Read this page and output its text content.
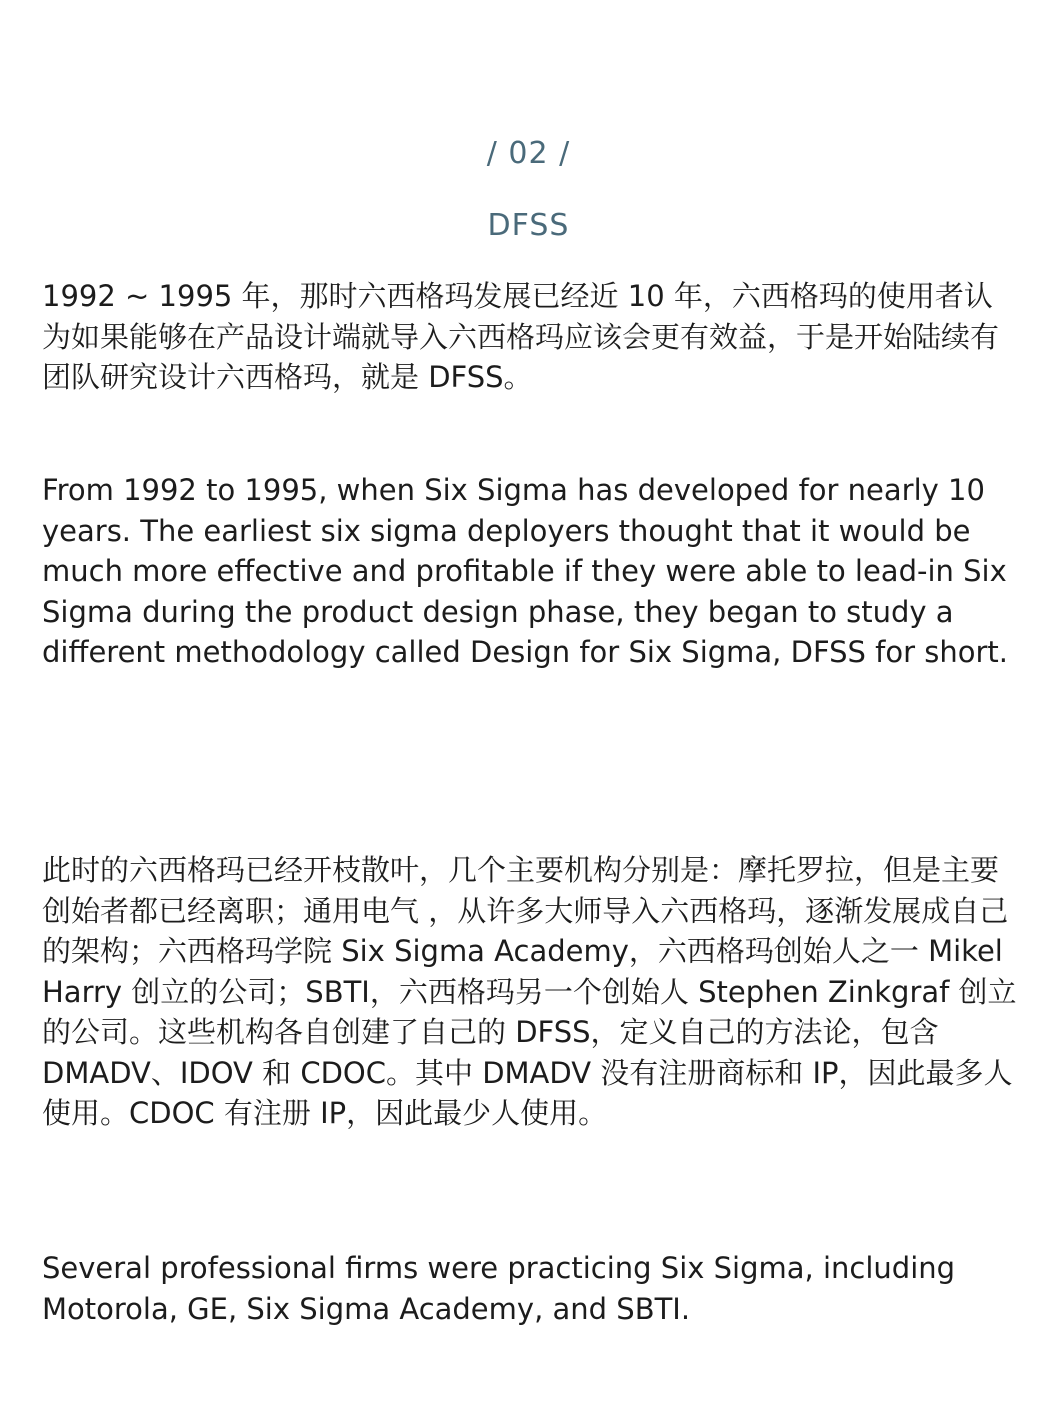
/ 02 /
DFSS

1992 ~ 1995 年，那时六西格玛发展已经近 10 年，六西格玛的使用者认为如果能够在产品设计端就导入六西格玛应该会更有效益，于是开始陆续有团队研究设计六西格玛，就是 DFSS。

From 1992 to 1995, when Six Sigma has developed for nearly 10 years. The earliest six sigma deployers thought that it would be much more effective and profitable if they were able to lead-in Six Sigma during the product design phase, they began to study a different methodology called Design for Six Sigma, DFSS for short.

此时的六西格玛已经开枝散叶，几个主要机构分别是：摩托罗拉，但是主要创始者都已经离职；通用电气 ，从许多大师导入六西格玛，逐渐发展成自己的架构；六西格玛学院 Six Sigma Academy，六西格玛创始人之一 Mikel Harry 创立的公司；SBTI，六西格玛另一个创始人 Stephen Zinkgraf 创立的公司。这些机构各自创建了自己的 DFSS，定义自己的方法论，包含 DMADV、IDOV 和 CDOC。其中 DMADV 没有注册商标和 IP，因此最多人使用。CDOC 有注册 IP，因此最少人使用。

Several professional firms were practicing Six Sigma, including Motorola, GE, Six Sigma Academy, and SBTI.
